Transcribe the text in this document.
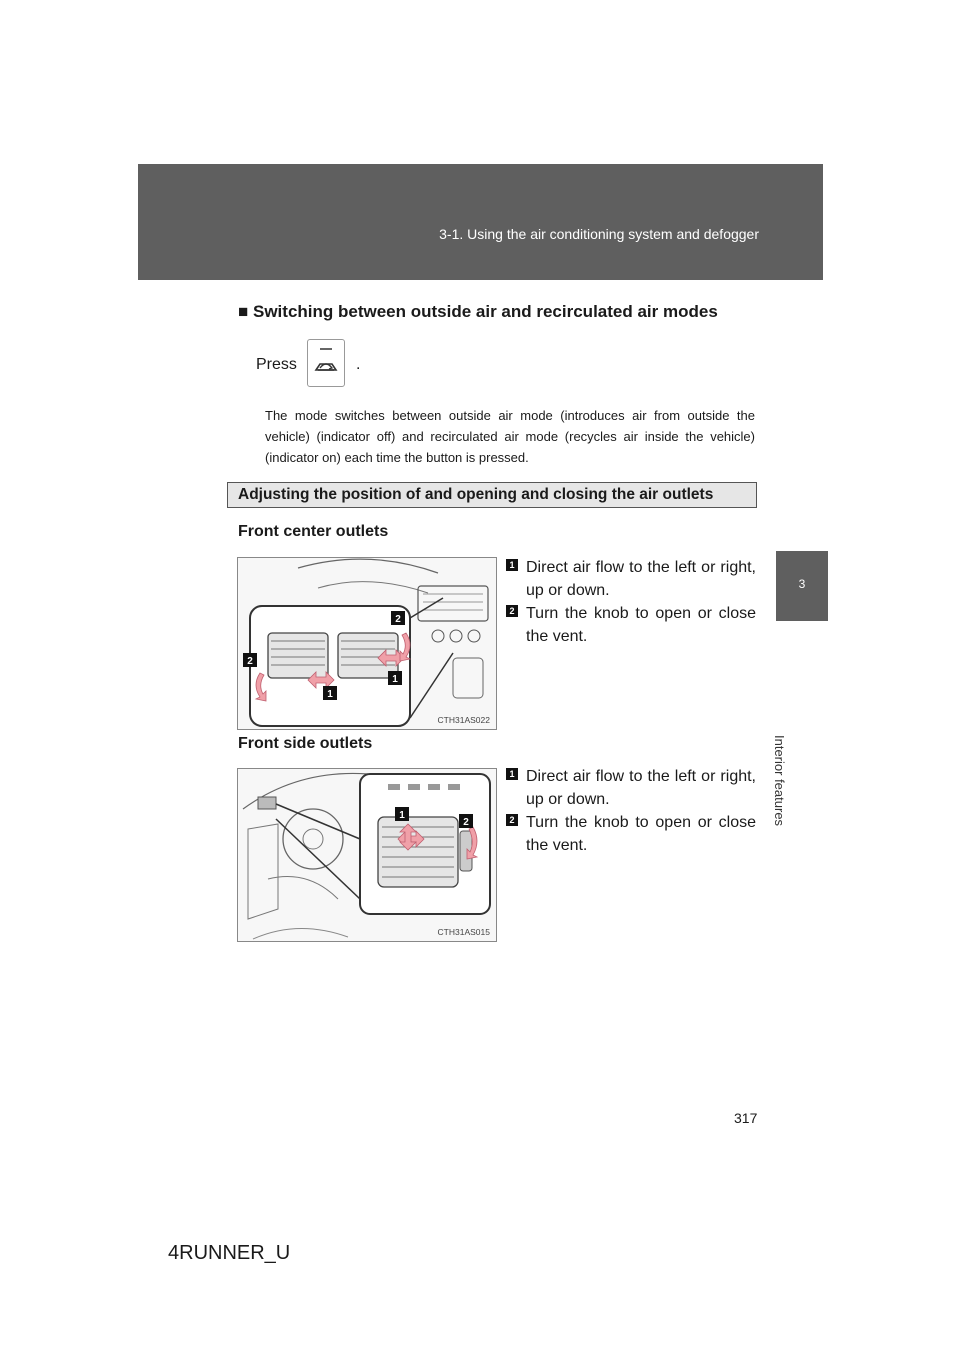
3-1. Using the air conditioning system and defogger
3
Interior features
■ Switching between outside air and recirculated air modes
Press	.
The mode switches between outside air mode (introduces air from outside the vehicle) (indicator off) and recirculated air mode (recycles air inside the vehicle) (indicator on) each time the button is pressed.
Adjusting the position of and opening and closing the air outlets
Front center outlets
2
2
1
1
CTH31AS022
1 Direct air flow to the left or right, up or down.
2 Turn the knob to open or close the vent.
Front side outlets
1
2
CTH31AS015
1 Direct air flow to the left or right, up or down.
2 Turn the knob to open or close the vent.
317
4RUNNER_U
